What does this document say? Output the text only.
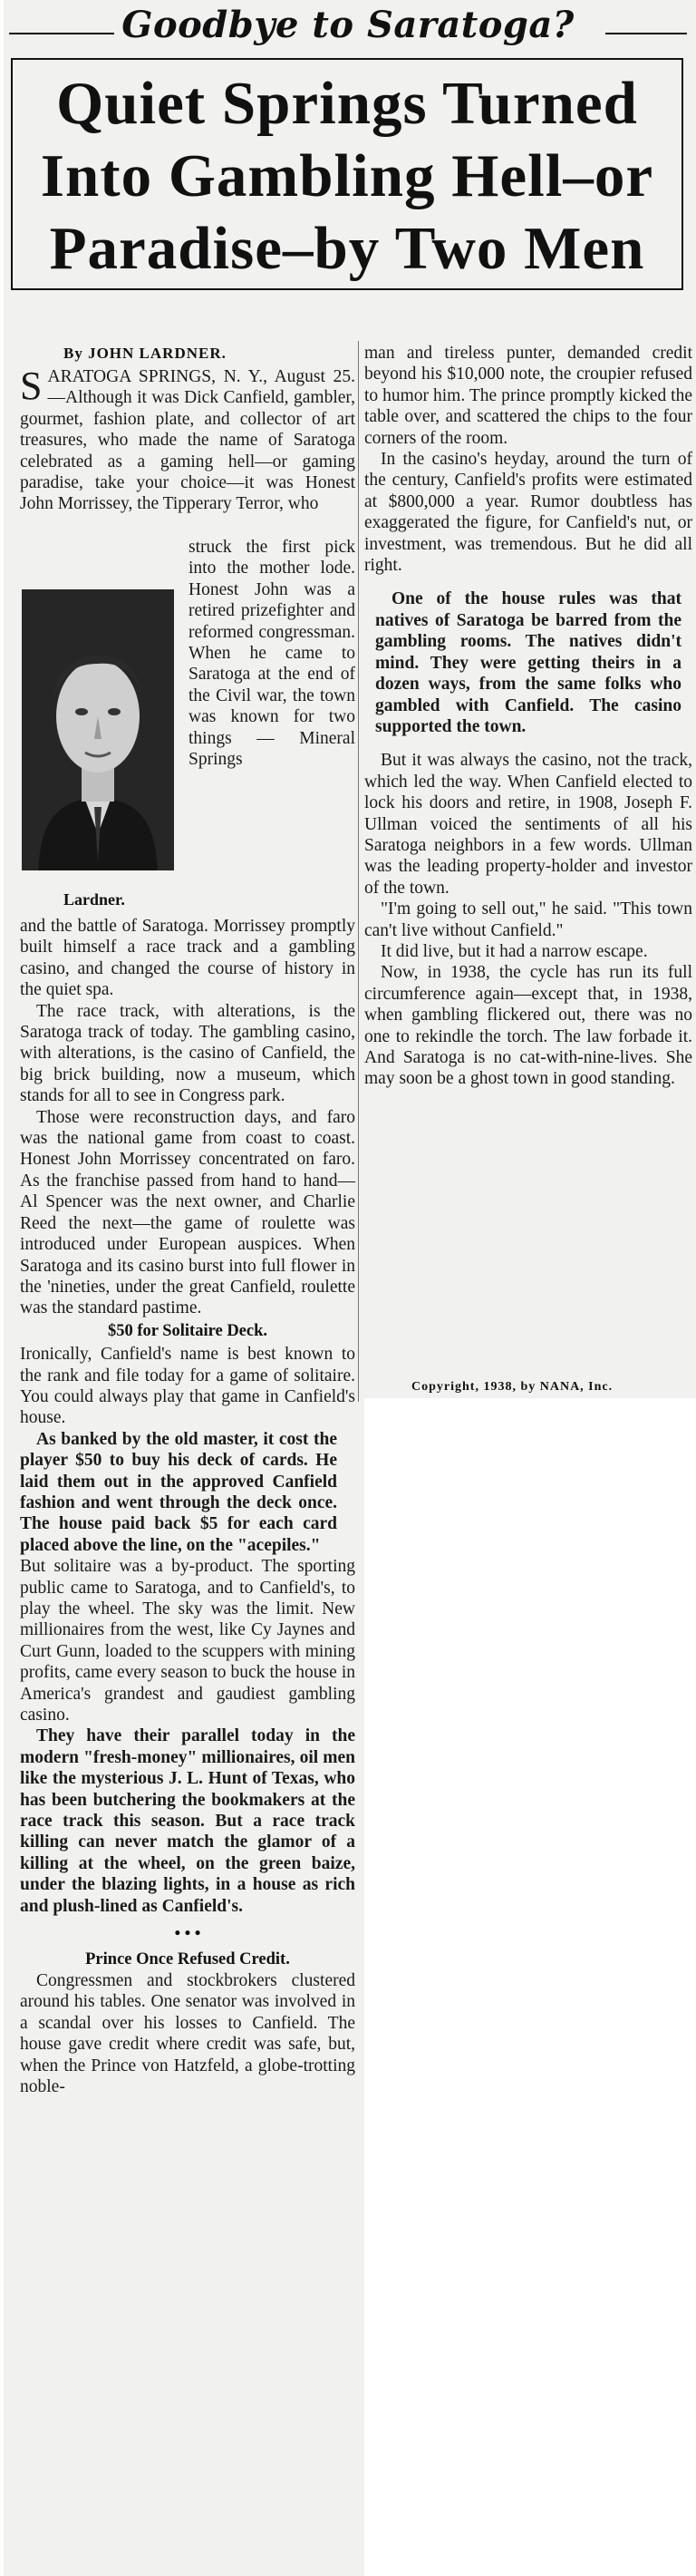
Goodbye to Saratoga?
Quiet Springs Turned
Into Gambling Hell–or
Paradise–by Two Men
By JOHN LARDNER.
SARATOGA SPRINGS, N. Y., August 25.—Although it was Dick Canfield, gambler, gourmet, fashion plate, and collector of art treasures, who made the name of Saratoga celebrated as a gaming hell—or gaming paradise, take your choice—it was Honest John Morrissey, the Tipperary Terror, who
struck the first pick into the mother lode. Honest John was a retired prizefighter and reformed congressman. When he came to Saratoga at the end of the Civil war, the town was known for two things — Mineral Springs
Lardner.
and the battle of Saratoga. Morrissey promptly built himself a race track and a gambling casino, and changed the course of history in the quiet spa.
The race track, with alterations, is the Saratoga track of today. The gambling casino, with alterations, is the casino of Canfield, the big brick building, now a museum, which stands for all to see in Congress park.
Those were reconstruction days, and faro was the national game from coast to coast. Honest John Morrissey concentrated on faro. As the franchise passed from hand to hand—Al Spencer was the next owner, and Charlie Reed the next—the game of roulette was introduced under European auspices. When Saratoga and its casino burst into full flower in the 'nineties, under the great Canfield, roulette was the standard pastime.
$50 for Solitaire Deck.
Ironically, Canfield's name is best known to the rank and file today for a game of solitaire. You could always play that game in Canfield's house.
As banked by the old master, it cost the player $50 to buy his deck of cards. He laid them out in the approved Canfield fashion and went through the deck once. The house paid back $5 for each card placed above the line, on the "acepiles."
But solitaire was a by-product. The sporting public came to Saratoga, and to Canfield's, to play the wheel. The sky was the limit. New millionaires from the west, like Cy Jaynes and Curt Gunn, loaded to the scuppers with mining profits, came every season to buck the house in America's grandest and gaudiest gambling casino.
They have their parallel today in the modern "fresh-money" millionaires, oil men like the mysterious J. L. Hunt of Texas, who has been butchering the bookmakers at the race track this season. But a race track killing can never match the glamor of a killing at the wheel, on the green baize, under the blazing lights, in a house as rich and plush-lined as Canfield's.
• • •
Prince Once Refused Credit.
Congressmen and stockbrokers clustered around his tables. One senator was involved in a scandal over his losses to Canfield. The house gave credit where credit was safe, but, when the Prince von Hatzfeld, a globe-trotting noble-
man and tireless punter, demanded credit beyond his $10,000 note, the croupier refused to humor him. The prince promptly kicked the table over, and scattered the chips to the four corners of the room.
In the casino's heyday, around the turn of the century, Canfield's profits were estimated at $800,000 a year. Rumor doubtless has exaggerated the figure, for Canfield's nut, or investment, was tremendous. But he did all right.
One of the house rules was that natives of Saratoga be barred from the gambling rooms. The natives didn't mind. They were getting theirs in a dozen ways, from the same folks who gambled with Canfield. The casino supported the town.
But it was always the casino, not the track, which led the way. When Canfield elected to lock his doors and retire, in 1908, Joseph F. Ullman voiced the sentiments of all his Saratoga neighbors in a few words. Ullman was the leading property-holder and investor of the town.
"I'm going to sell out," he said. "This town can't live without Canfield."
It did live, but it had a narrow escape.
Now, in 1938, the cycle has run its full circumference again—except that, in 1938, when gambling flickered out, there was no one to rekindle the torch. The law forbade it. And Saratoga is no cat-with-nine-lives. She may soon be a ghost town in good standing.
Copyright, 1938, by NANA, Inc.
